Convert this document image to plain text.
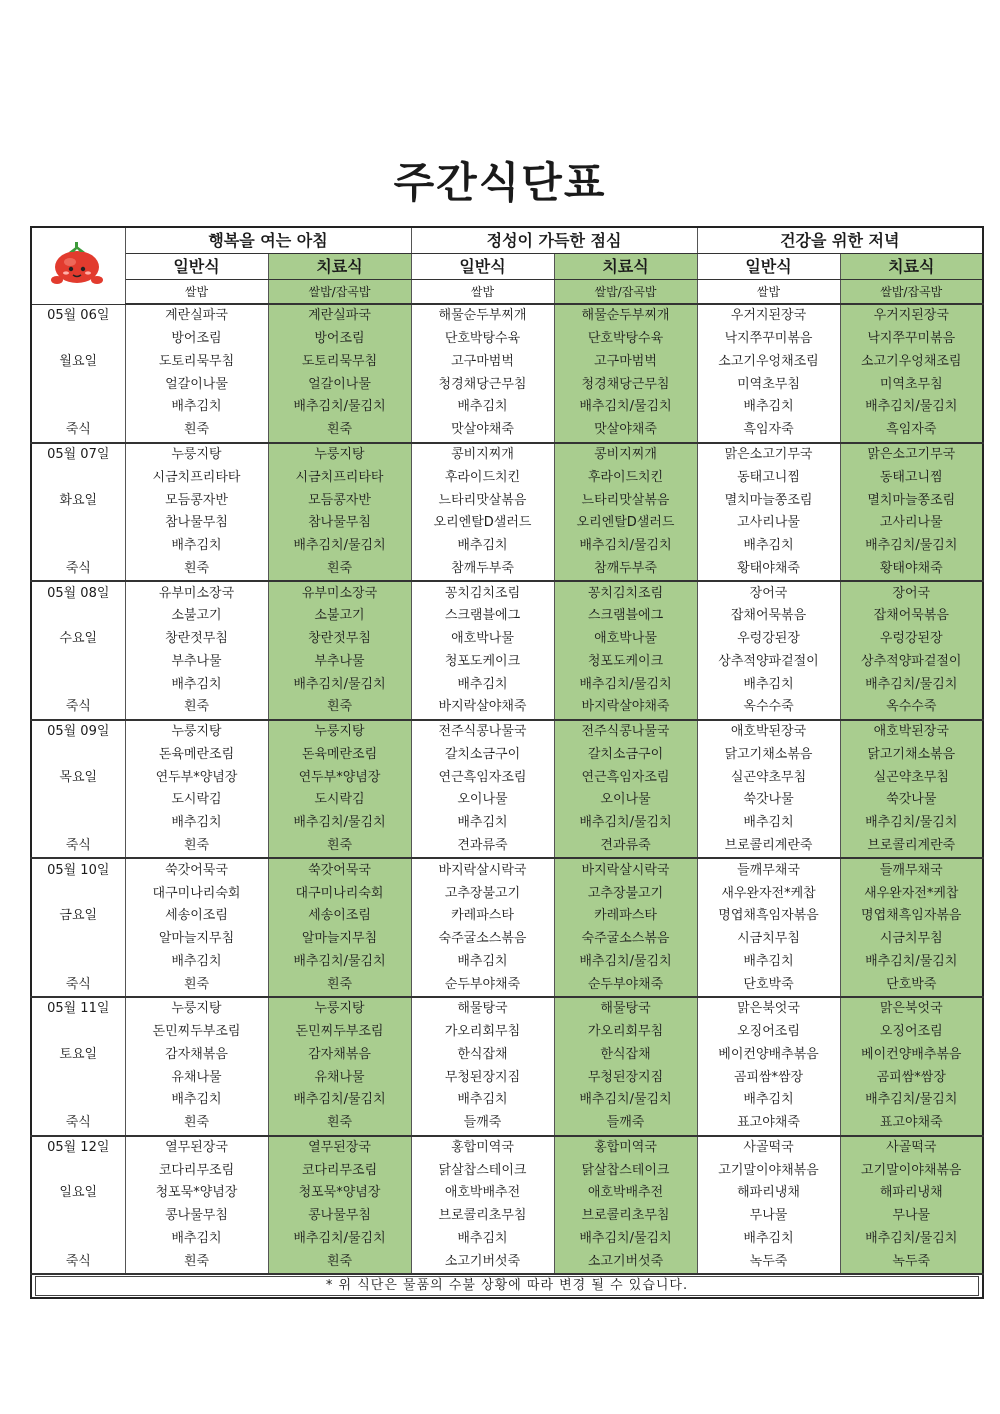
주간식단표
	행복을 여는 아침		정성이 가득한 점심		건강을 위한 저녁	
	일반식	치료식	일반식	치료식	일반식	치료식
	쌀밥	쌀밥/잡곡밥	쌀밥	쌀밥/잡곡밥	쌀밥	쌀밥/잡곡밥
05월 06일	계란실파국	계란실파국	해물순두부찌개	해물순두부찌개	우거지된장국	우거지된장국
	방어조림	방어조림	단호박탕수육	단호박탕수육	낙지쭈꾸미볶음	낙지쭈꾸미볶음
월요일	도토리묵무침	도토리묵무침	고구마범벅	고구마범벅	소고기우엉채조림	소고기우엉채조림
	얼갈이나물	얼갈이나물	청경채당근무침	청경채당근무침	미역초무침	미역초무침
	배추김치	배추김치/물김치	배추김치	배추김치/물김치	배추김치	배추김치/물김치
죽식	흰죽	흰죽	맛살야채죽	맛살야채죽	흑임자죽	흑임자죽
05월 07일	누룽지탕	누룽지탕	콩비지찌개	콩비지찌개	맑은소고기무국	맑은소고기무국
	시금치프리타타	시금치프리타타	후라이드치킨	후라이드치킨	동태고니찜	동태고니찜
화요일	모듬콩자반	모듬콩자반	느타리맛살볶음	느타리맛살볶음	멸치마늘쫑조림	멸치마늘쫑조림
	참나물무침	참나물무침	오리엔탈D샐러드	오리엔탈D샐러드	고사리나물	고사리나물
	배추김치	배추김치/물김치	배추김치	배추김치/물김치	배추김치	배추김치/물김치
죽식	흰죽	흰죽	참깨두부죽	참깨두부죽	황태야채죽	황태야채죽
05월 08일	유부미소장국	유부미소장국	꽁치김치조림	꽁치김치조림	장어국	장어국
	소불고기	소불고기	스크램블에그	스크램블에그	잡채어묵볶음	잡채어묵볶음
수요일	창란젓무침	창란젓무침	애호박나물	애호박나물	우렁강된장	우렁강된장
	부추나물	부추나물	청포도케이크	청포도케이크	상추적양파겉절이	상추적양파겉절이
	배추김치	배추김치/물김치	배추김치	배추김치/물김치	배추김치	배추김치/물김치
죽식	흰죽	흰죽	바지락살야채죽	바지락살야채죽	옥수수죽	옥수수죽
05월 09일	누룽지탕	누룽지탕	전주식콩나물국	전주식콩나물국	애호박된장국	애호박된장국
	돈육메란조림	돈육메란조림	갈치소금구이	갈치소금구이	닭고기채소볶음	닭고기채소볶음
목요일	연두부*양념장	연두부*양념장	연근흑임자조림	연근흑임자조림	실곤약초무침	실곤약초무침
	도시락김	도시락김	오이나물	오이나물	쑥갓나물	쑥갓나물
	배추김치	배추김치/물김치	배추김치	배추김치/물김치	배추김치	배추김치/물김치
죽식	흰죽	흰죽	견과류죽	견과류죽	브로콜리계란죽	브로콜리계란죽
05월 10일	쑥갓어묵국	쑥갓어묵국	바지락살시락국	바지락살시락국	들깨무채국	들깨무채국
	대구미나리숙회	대구미나리숙회	고추장불고기	고추장불고기	새우완자전*케찹	새우완자전*케찹
금요일	세송이조림	세송이조림	카레파스타	카레파스타	명엽채흑임자볶음	명엽채흑임자볶음
	알마늘지무침	알마늘지무침	숙주굴소스볶음	숙주굴소스볶음	시금치무침	시금치무침
	배추김치	배추김치/물김치	배추김치	배추김치/물김치	배추김치	배추김치/물김치
죽식	흰죽	흰죽	순두부야채죽	순두부야채죽	단호박죽	단호박죽
05월 11일	누룽지탕	누룽지탕	해물탕국	해물탕국	맑은북엇국	맑은북엇국
	돈민찌두부조림	돈민찌두부조림	가오리회무침	가오리회무침	오징어조림	오징어조림
토요일	감자채볶음	감자채볶음	한식잡채	한식잡채	베이컨양배추볶음	베이컨양배추볶음
	유채나물	유채나물	무청된장지짐	무청된장지짐	곰피쌈*쌈장	곰피쌈*쌈장
	배추김치	배추김치/물김치	배추김치	배추김치/물김치	배추김치	배추김치/물김치
죽식	흰죽	흰죽	들깨죽	들깨죽	표고야채죽	표고야채죽
05월 12일	열무된장국	열무된장국	홍합미역국	홍합미역국	사골떡국	사골떡국
	코다리무조림	코다리무조림	닭살찹스테이크	닭살찹스테이크	고기말이야채볶음	고기말이야채볶음
일요일	청포묵*양념장	청포묵*양념장	애호박배추전	애호박배추전	해파리냉채	해파리냉채
	콩나물무침	콩나물무침	브로콜리초무침	브로콜리초무침	무나물	무나물
	배추김치	배추김치/물김치	배추김치	배추김치/물김치	배추김치	배추김치/물김치
죽식	흰죽	흰죽	소고기버섯죽	소고기버섯죽	녹두죽	녹두죽

* 위 식단은 물품의 수불 상황에 따라 변경 될 수 있습니다.						
